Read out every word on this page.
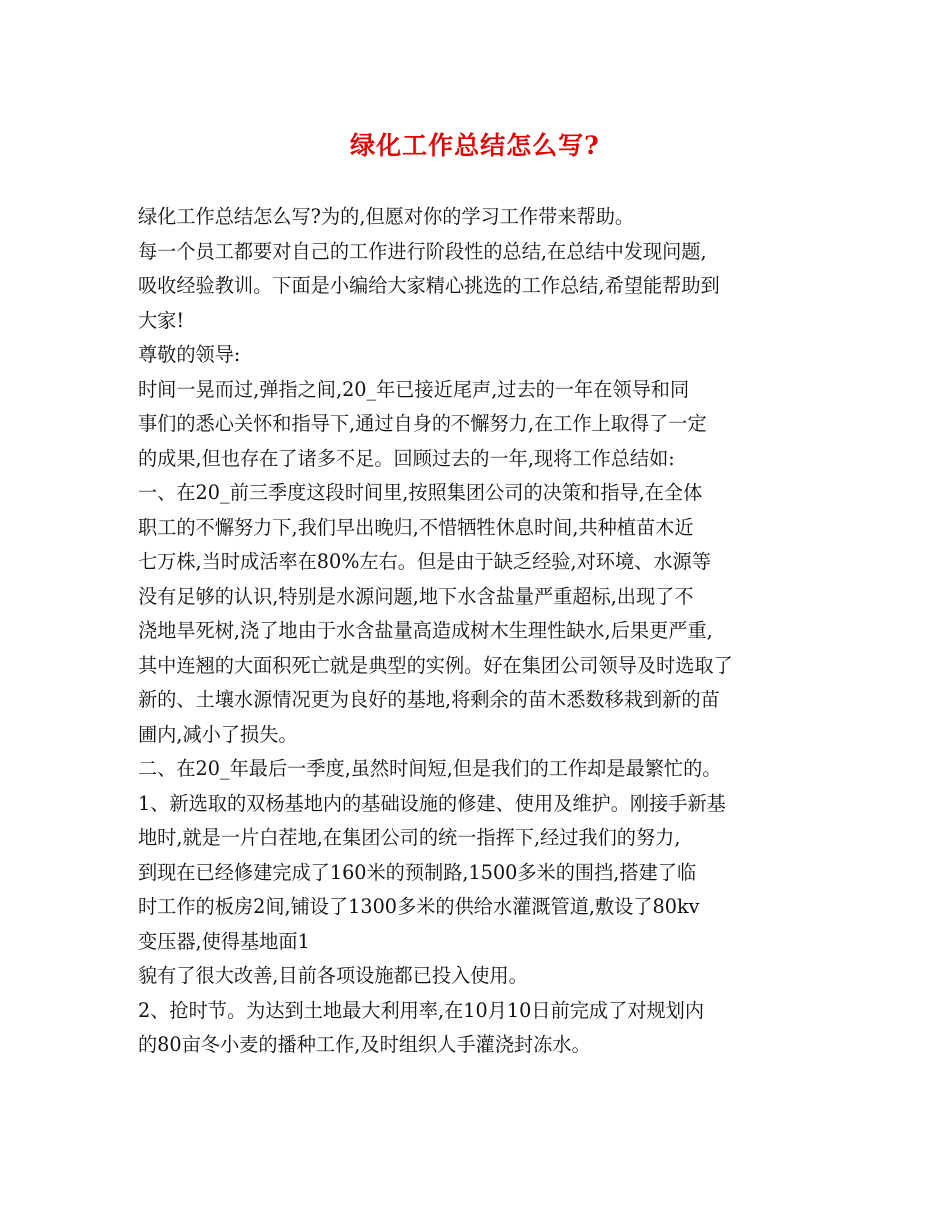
绿化工作总结怎么写?
绿化工作总结怎么写?为的,但愿对你的学习工作带来帮助。
每一个员工都要对自己的工作进行阶段性的总结,在总结中发现问题,
吸收经验教训。下面是小编给大家精心挑选的工作总结,希望能帮助到
大家!
尊敬的领导:
时间一晃而过,弹指之间,20_年已接近尾声,过去的一年在领导和同
事们的悉心关怀和指导下,通过自身的不懈努力,在工作上取得了一定
的成果,但也存在了诸多不足。回顾过去的一年,现将工作总结如:
一、在20_前三季度这段时间里,按照集团公司的决策和指导,在全体
职工的不懈努力下,我们早出晚归,不惜牺牲休息时间,共种植苗木近
七万株,当时成活率在80%左右。但是由于缺乏经验,对环境、水源等
没有足够的认识,特别是水源问题,地下水含盐量严重超标,出现了不
浇地旱死树,浇了地由于水含盐量高造成树木生理性缺水,后果更严重,
其中连翘的大面积死亡就是典型的实例。好在集团公司领导及时选取了
新的、土壤水源情况更为良好的基地,将剩余的苗木悉数移栽到新的苗
圃内,减小了损失。
二、在20_年最后一季度,虽然时间短,但是我们的工作却是最繁忙的。
1、新选取的双杨基地内的基础设施的修建、使用及维护。刚接手新基
地时,就是一片白茬地,在集团公司的统一指挥下,经过我们的努力,
到现在已经修建完成了160米的预制路,1500多米的围挡,搭建了临
时工作的板房2间,铺设了1300多米的供给水灌溉管道,敷设了80kv
变压器,使得基地面1
貌有了很大改善,目前各项设施都已投入使用。
2、抢时节。为达到土地最大利用率,在10月10日前完成了对规划内
的80亩冬小麦的播种工作,及时组织人手灌浇封冻水。
